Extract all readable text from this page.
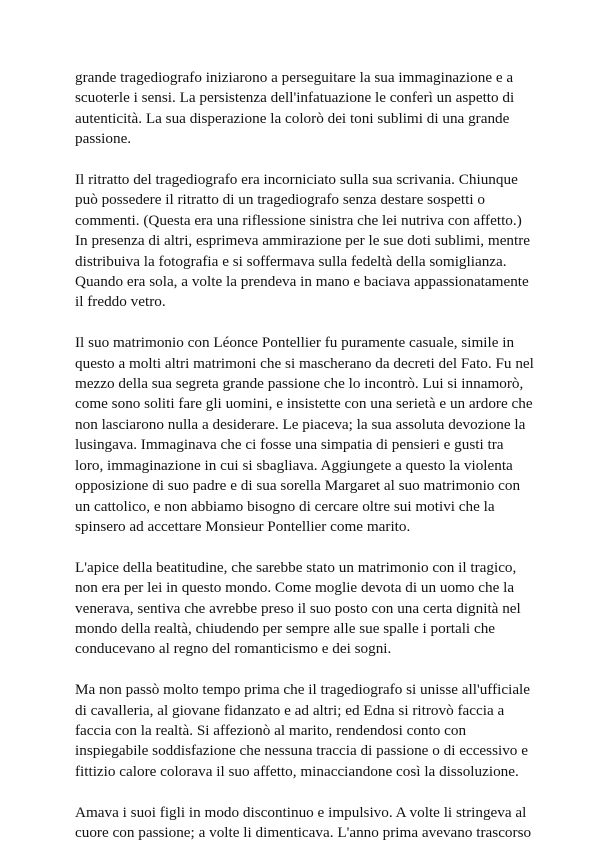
grande tragediografo iniziarono a perseguitare la sua immaginazione e a scuoterle i sensi. La persistenza dell'infatuazione le conferì un aspetto di autenticità. La sua disperazione la colorò dei toni sublimi di una grande passione.

Il ritratto del tragediografo era incorniciato sulla sua scrivania. Chiunque può possedere il ritratto di un tragediografo senza destare sospetti o commenti. (Questa era una riflessione sinistra che lei nutriva con affetto.) In presenza di altri, esprimeva ammirazione per le sue doti sublimi, mentre distribuiva la fotografia e si soffermava sulla fedeltà della somiglianza. Quando era sola, a volte la prendeva in mano e baciava appassionatamente il freddo vetro.

Il suo matrimonio con Léonce Pontellier fu puramente casuale, simile in questo a molti altri matrimoni che si mascherano da decreti del Fato. Fu nel mezzo della sua segreta grande passione che lo incontrò. Lui si innamorò, come sono soliti fare gli uomini, e insistette con una serietà e un ardore che non lasciarono nulla a desiderare. Le piaceva; la sua assoluta devozione la lusingava. Immaginava che ci fosse una simpatia di pensieri e gusti tra loro, immaginazione in cui si sbagliava. Aggiungete a questo la violenta opposizione di suo padre e di sua sorella Margaret al suo matrimonio con un cattolico, e non abbiamo bisogno di cercare oltre sui motivi che la spinsero ad accettare Monsieur Pontellier come marito.

L'apice della beatitudine, che sarebbe stato un matrimonio con il tragico, non era per lei in questo mondo. Come moglie devota di un uomo che la venerava, sentiva che avrebbe preso il suo posto con una certa dignità nel mondo della realtà, chiudendo per sempre alle sue spalle i portali che conducevano al regno del romanticismo e dei sogni.

Ma non passò molto tempo prima che il tragediografo si unisse all'ufficiale di cavalleria, al giovane fidanzato e ad altri; ed Edna si ritrovò faccia a faccia con la realtà. Si affezionò al marito, rendendosi conto con inspiegabile soddisfazione che nessuna traccia di passione o di eccessivo e fittizio calore colorava il suo affetto, minacciandone così la dissoluzione.

Amava i suoi figli in modo discontinuo e impulsivo. A volte li stringeva al cuore con passione; a volte li dimenticava. L'anno prima avevano trascorso
